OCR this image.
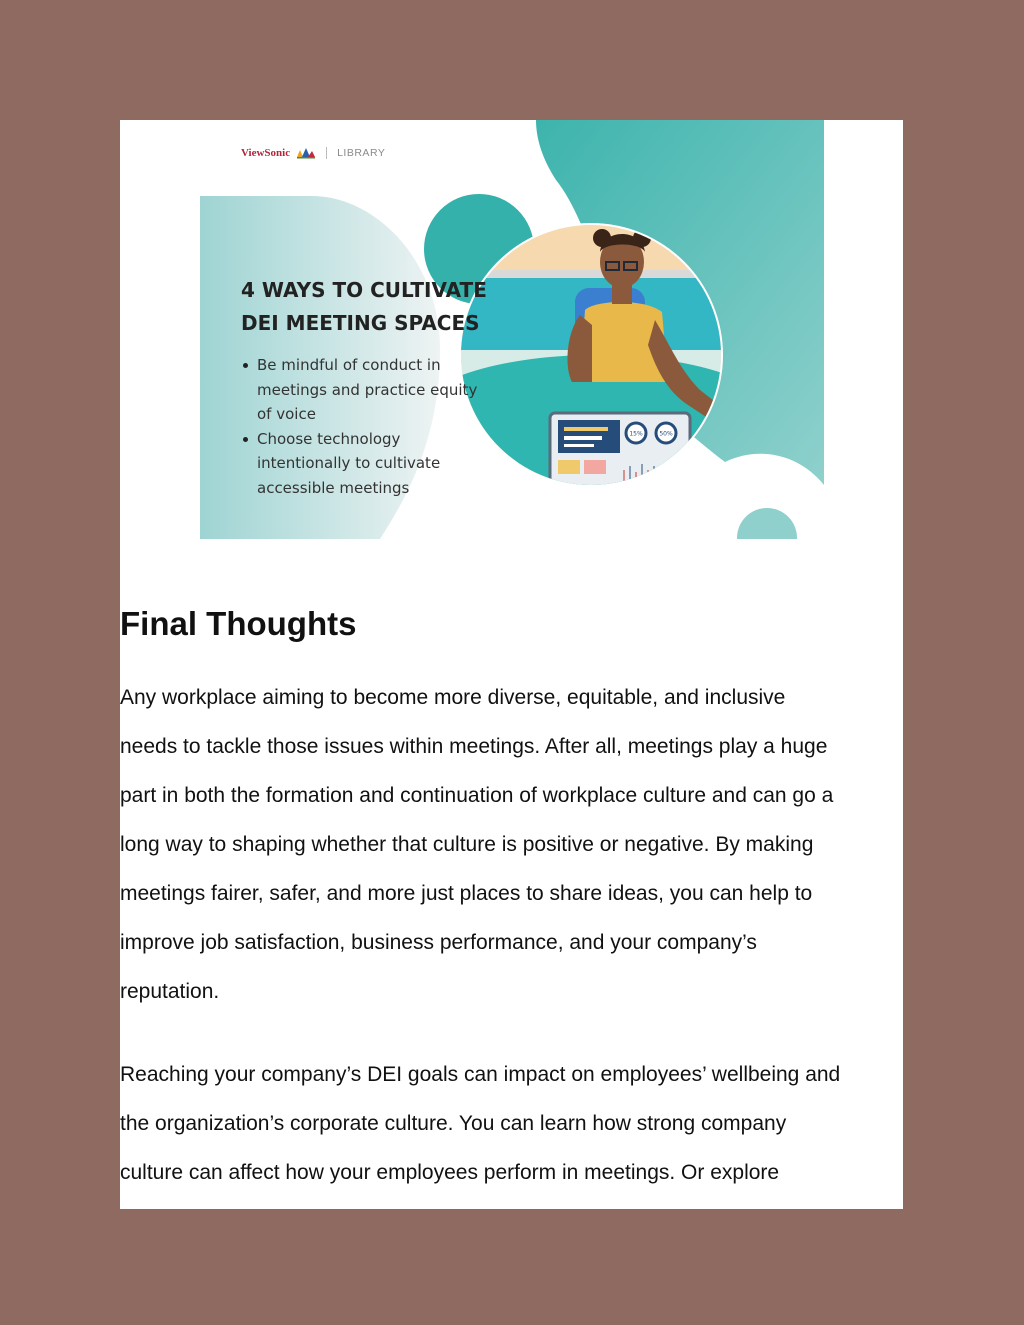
15%	50%
ViewSonic	LIBRARY
4 WAYS TO CULTIVATE
DEI MEETING SPACES
Be mindful of conduct in
meetings and practice equity
of voice
Choose technology
intentionally to cultivate
accessible meetings
Final Thoughts

Any workplace aiming to become more diverse, equitable, and inclusive
needs to tackle those issues within meetings. After all, meetings play a huge
part in both the formation and continuation of workplace culture and can go a
long way to shaping whether that culture is positive or negative. By making
meetings fairer, safer, and more just places to share ideas, you can help to
improve job satisfaction, business performance, and your company’s
reputation.

Reaching your company’s DEI goals can impact on employees’ wellbeing and
the organization’s corporate culture. You can learn how strong company
culture can affect how your employees perform in meetings. Or explore
